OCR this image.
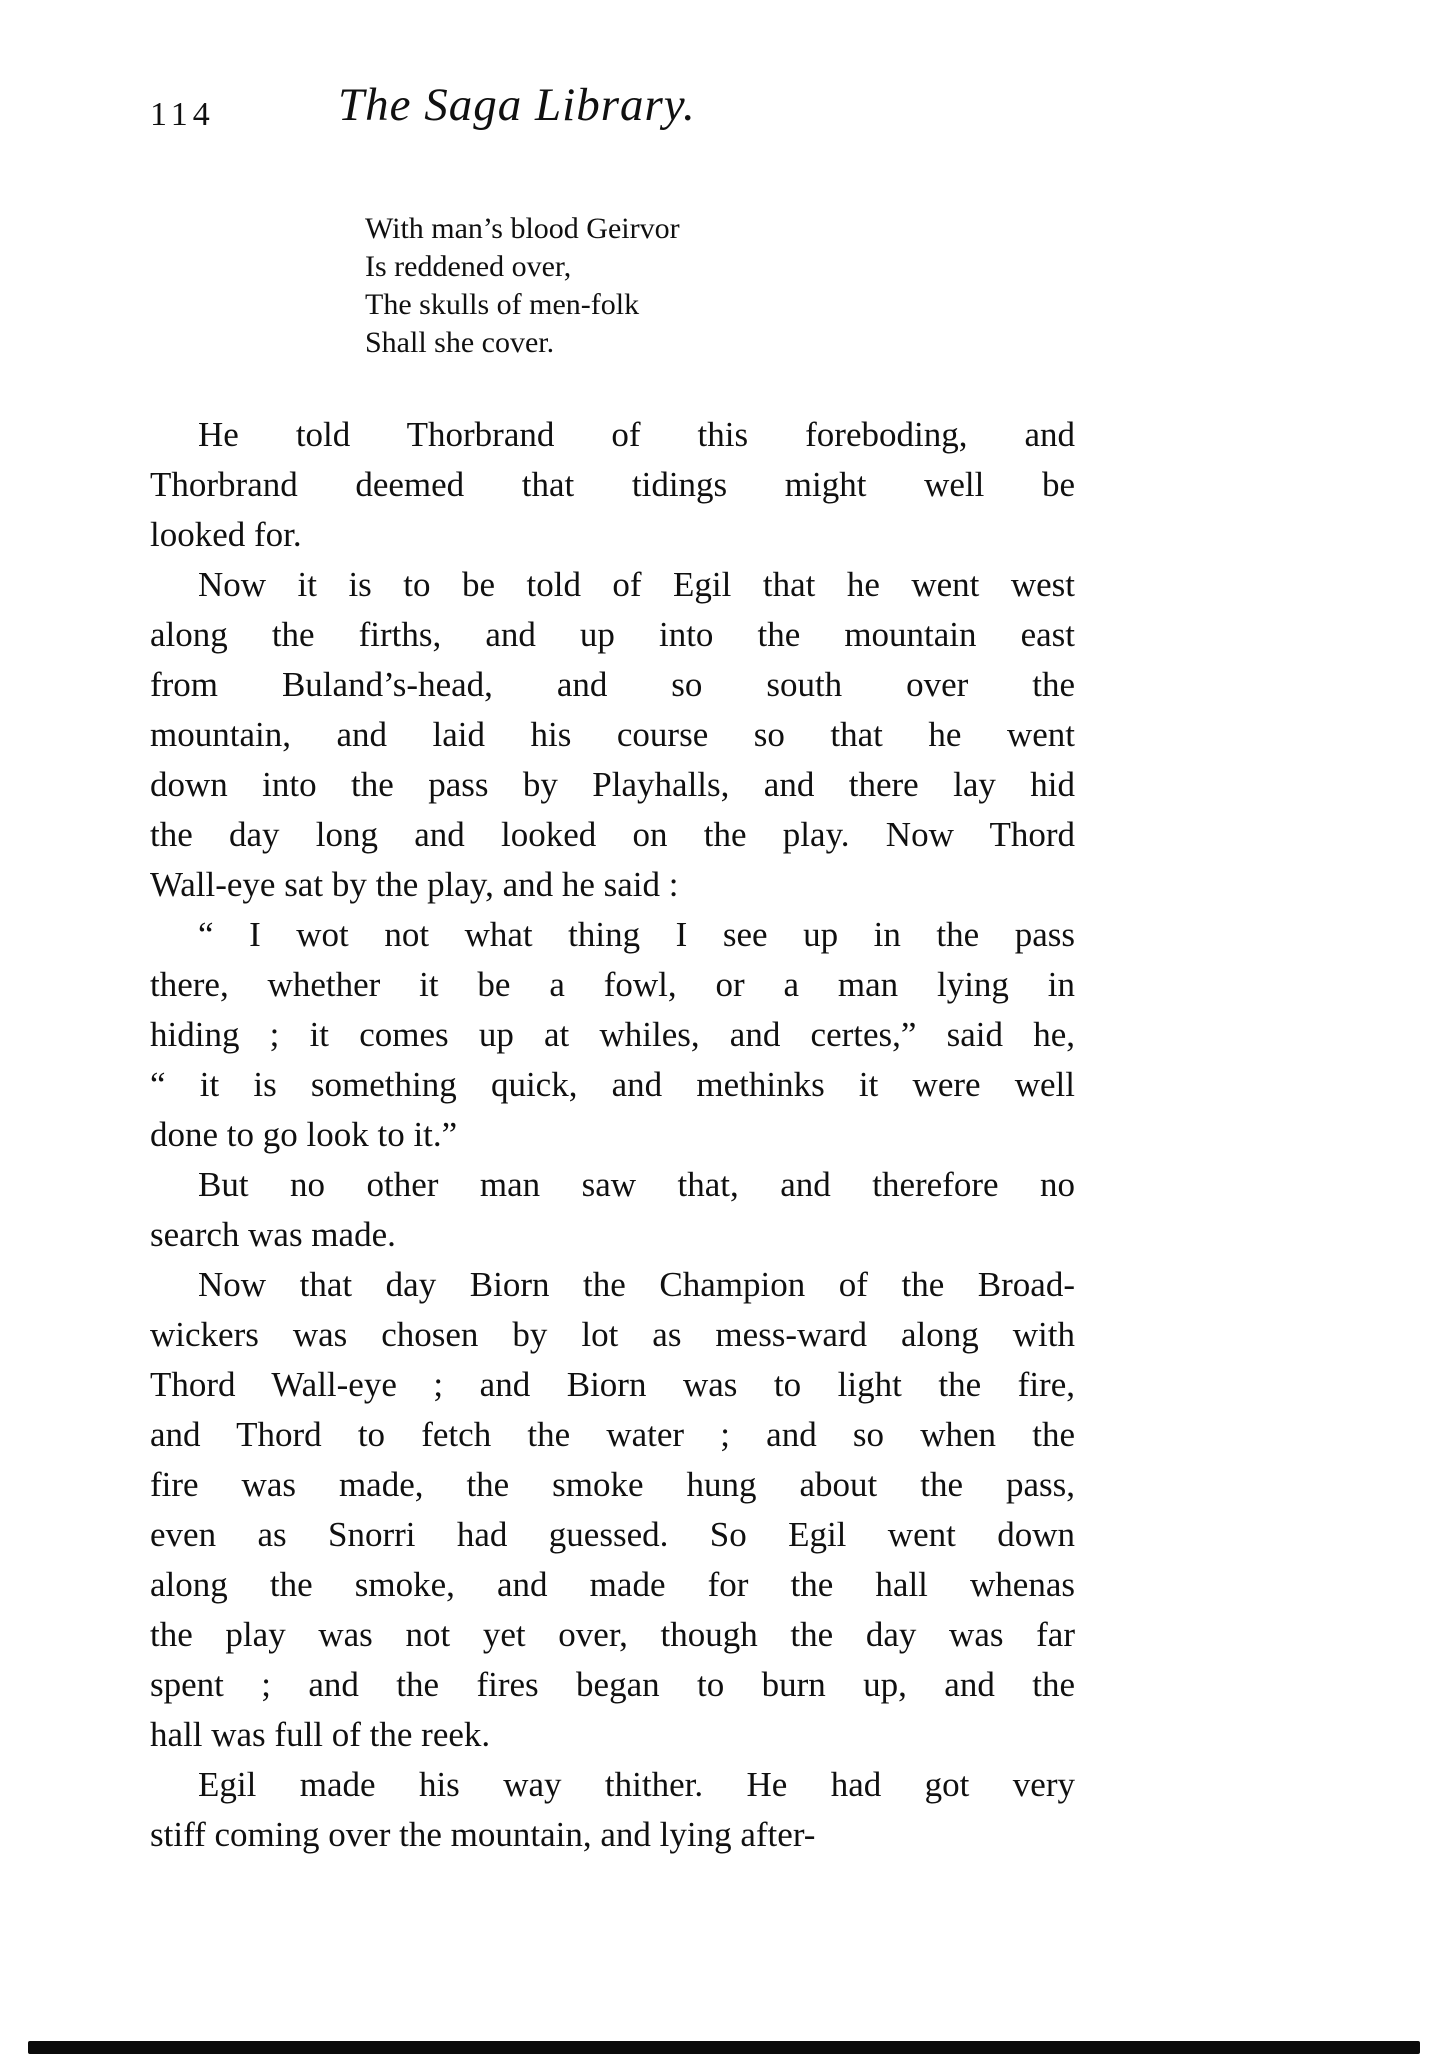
114	The Saga Library.
With man’s blood Geirvor
Is reddened over,
The skulls of men-folk
Shall she cover.
He told Thorbrand of this foreboding, and
Thorbrand deemed that tidings might well be
looked for.
Now it is to be told of Egil that he went west
along the firths, and up into the mountain east
from Buland’s-head, and so south over the
mountain, and laid his course so that he went
down into the pass by Playhalls, and there lay hid
the day long and looked on the play. Now Thord
Wall-eye sat by the play, and he said :
“ I wot not what thing I see up in the pass
there, whether it be a fowl, or a man lying in
hiding ; it comes up at whiles, and certes,” said he,
“ it is something quick, and methinks it were well
done to go look to it.”
But no other man saw that, and therefore no
search was made.
Now that day Biorn the Champion of the Broad-
wickers was chosen by lot as mess-ward along with
Thord Wall-eye ; and Biorn was to light the fire,
and Thord to fetch the water ; and so when the
fire was made, the smoke hung about the pass,
even as Snorri had guessed. So Egil went down
along the smoke, and made for the hall whenas
the play was not yet over, though the day was far
spent ; and the fires began to burn up, and the
hall was full of the reek.
Egil made his way thither. He had got very
stiff coming over the mountain, and lying after-
